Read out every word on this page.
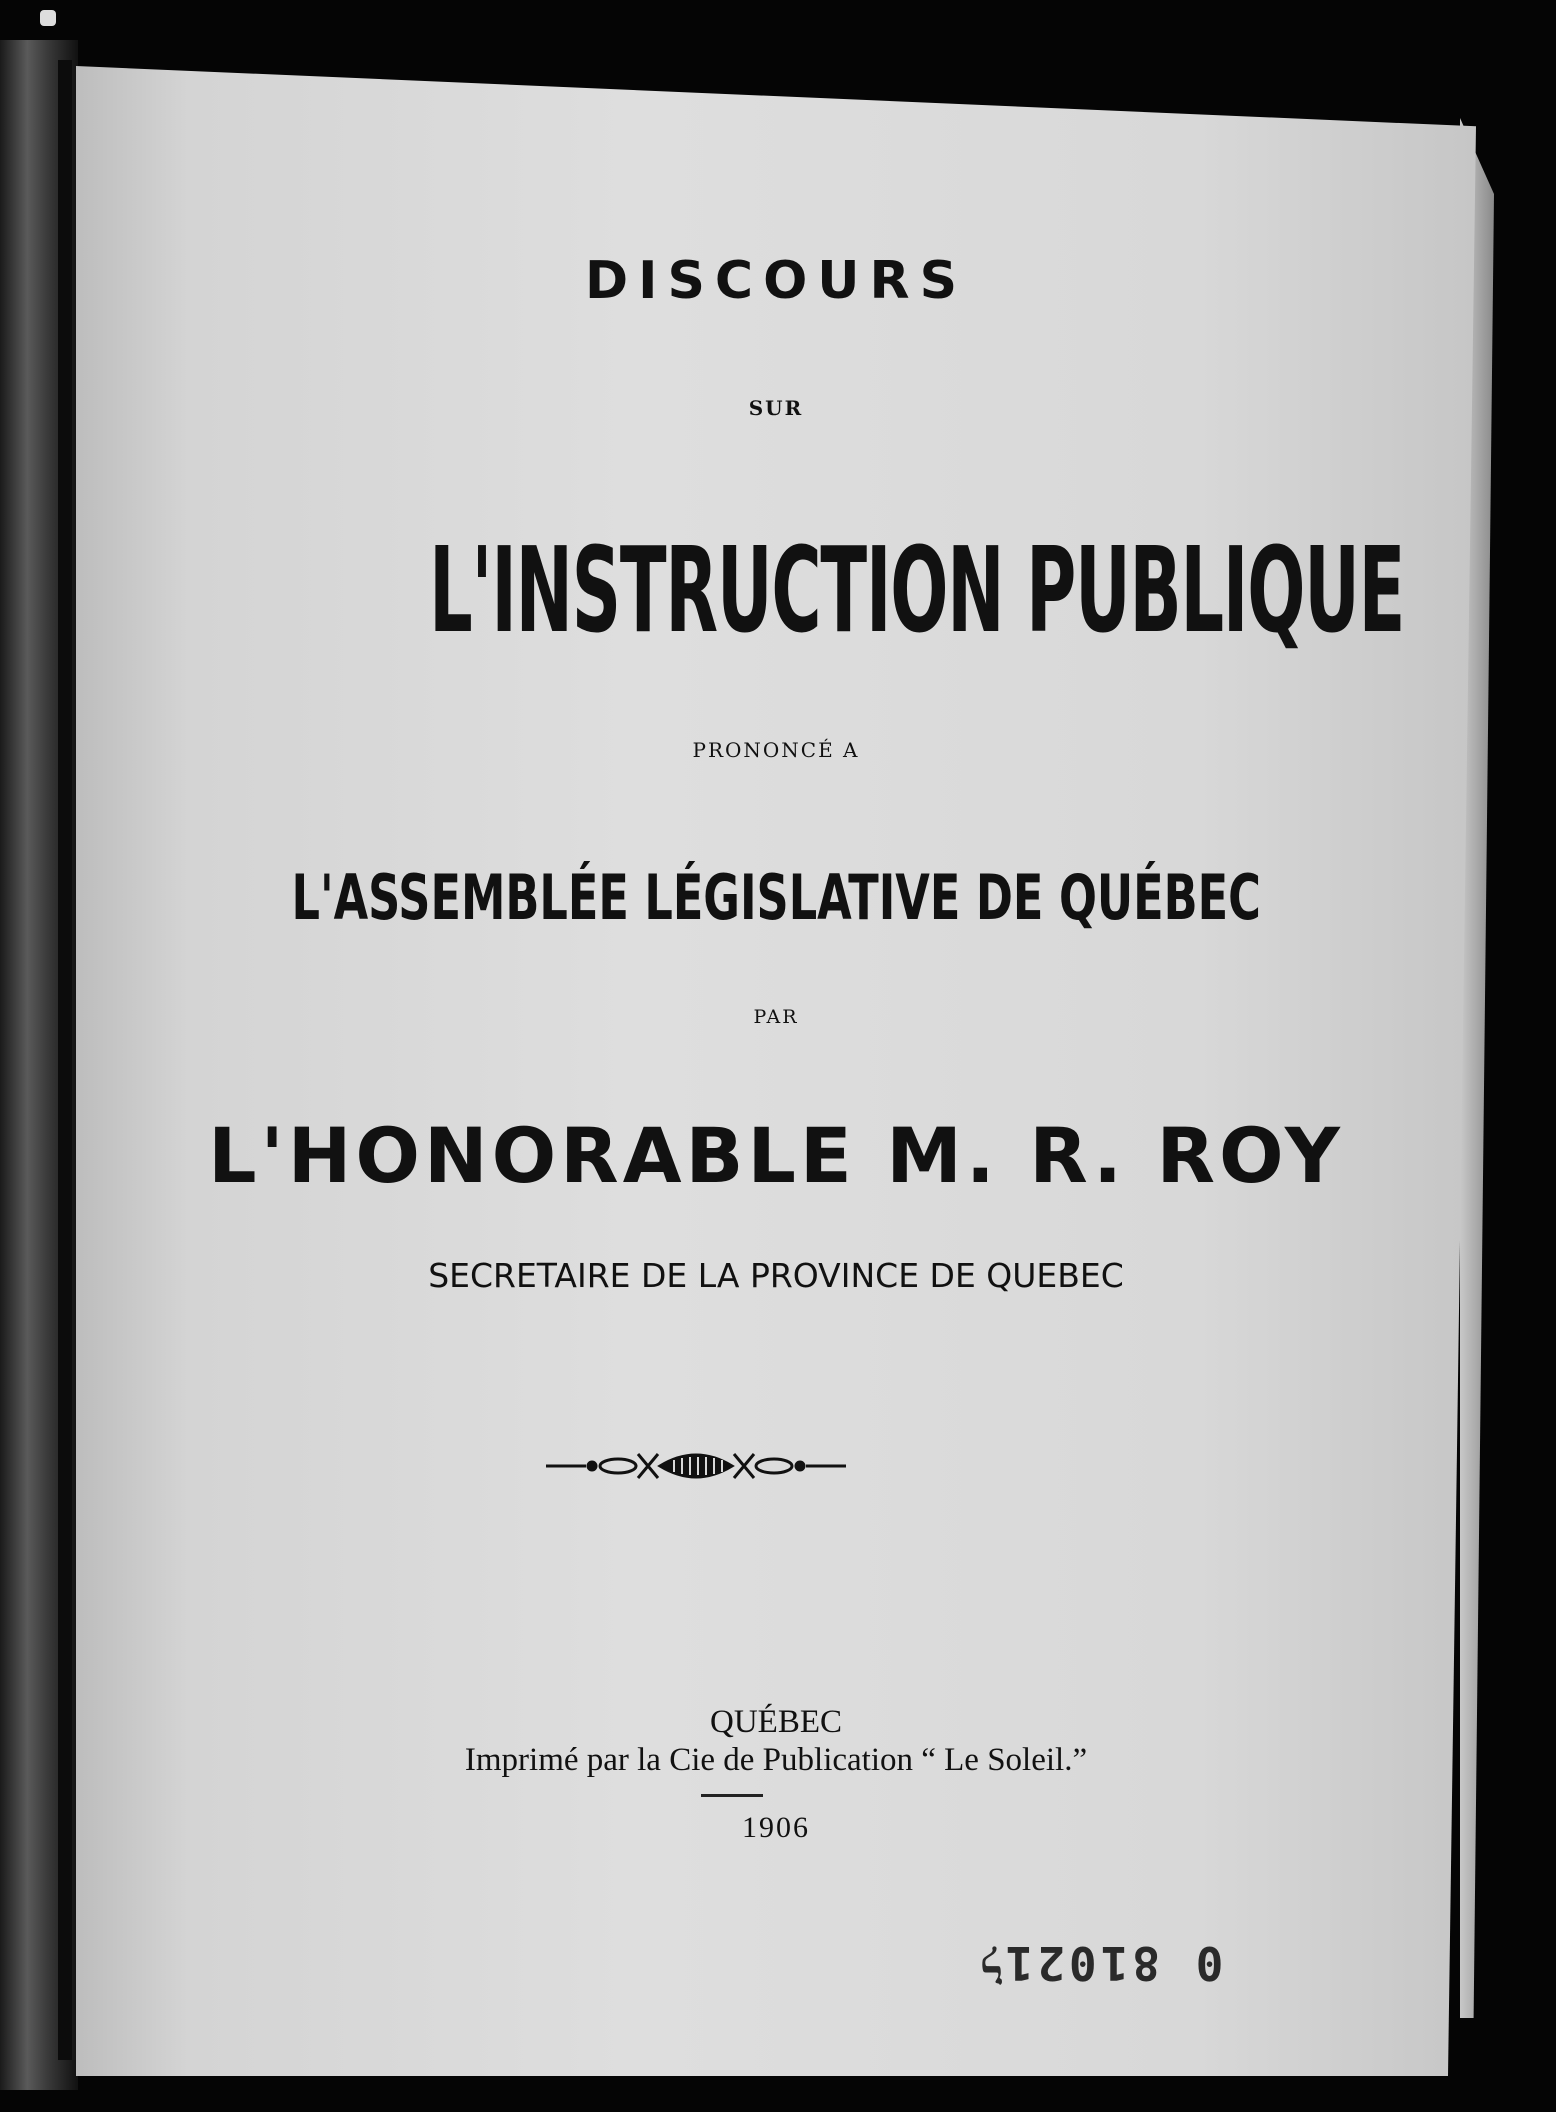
DISCOURS
SUR
L'INSTRUCTION PUBLIQUE
PRONONCÉ A
L'ASSEMBLÉE LÉGISLATIVE DE QUÉBEC
PAR
L'HONORABLE M. R. ROY
SECRETAIRE DE LA PROVINCE DE QUEBEC
QUÉBEC
Imprimé par la Cie de Publication “ Le Soleil.”
1906
0 81ל021
